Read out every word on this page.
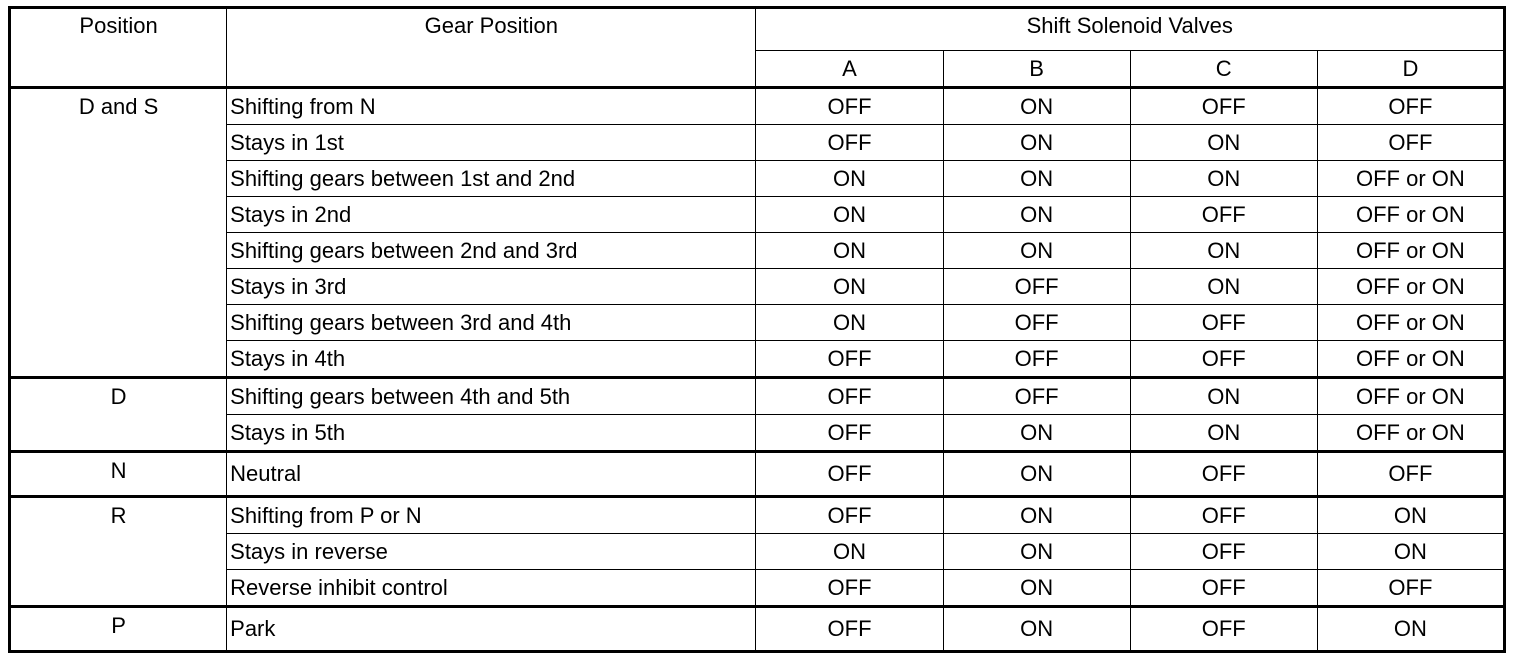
Position	Gear Position	Shift Solenoid Valves			
		A	B	C	D
D and S	Shifting from N	OFF	ON	OFF	OFF
	Stays in 1st	OFF	ON	ON	OFF
	Shifting gears between 1st and 2nd	ON	ON	ON	OFF or ON
	Stays in 2nd	ON	ON	OFF	OFF or ON
	Shifting gears between 2nd and 3rd	ON	ON	ON	OFF or ON
	Stays in 3rd	ON	OFF	ON	OFF or ON
	Shifting gears between 3rd and 4th	ON	OFF	OFF	OFF or ON
	Stays in 4th	OFF	OFF	OFF	OFF or ON
D	Shifting gears between 4th and 5th	OFF	OFF	ON	OFF or ON
	Stays in 5th	OFF	ON	ON	OFF or ON
N	Neutral	OFF	ON	OFF	OFF
R	Shifting from P or N	OFF	ON	OFF	ON
	Stays in reverse	ON	ON	OFF	ON
	Reverse inhibit control	OFF	ON	OFF	OFF
P	Park	OFF	ON	OFF	ON
